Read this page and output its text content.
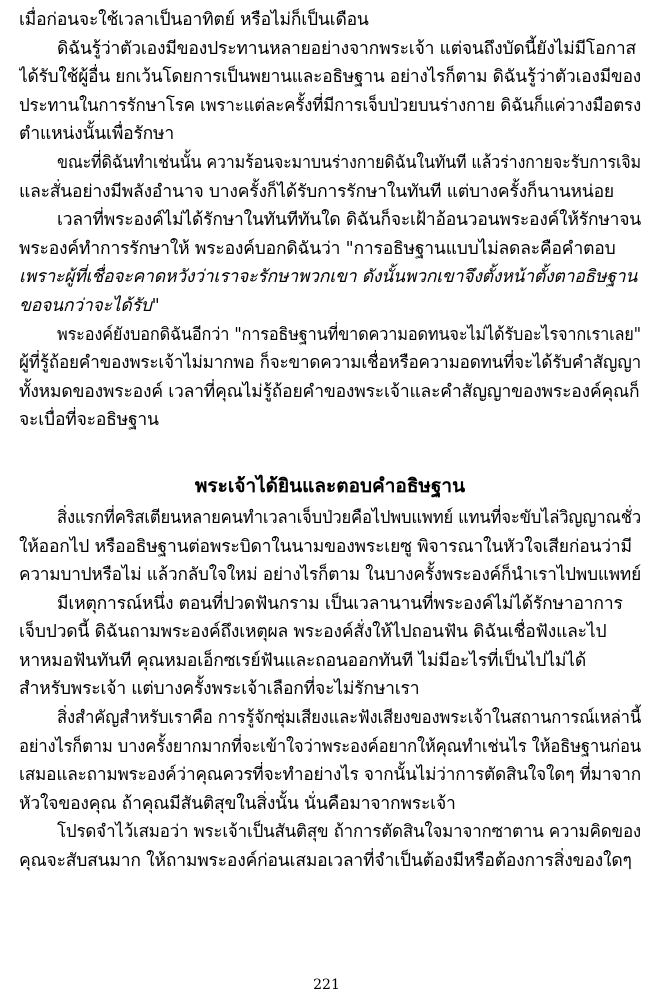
เมื่อก่อนจะใช้เวลาเป็นอาทิตย์ หรือไม่ก็เป็นเดือน
ดิฉันรู้ว่าตัวเองมีของประทานหลายอย่างจากพระเจ้า แต่จนถึงบัดนี้ยังไม่มีโอกาส
ได้รับใช้ผู้อื่น ยกเว้นโดยการเป็นพยานและอธิษฐาน อย่างไรก็ตาม ดิฉันรู้ว่าตัวเองมีของ
ประทานในการรักษาโรค เพราะแต่ละครั้งที่มีการเจ็บป่วยบนร่างกาย ดิฉันก็แค่วางมือตรง
ตำแหน่งนั้นเพื่อรักษา
ขณะที่ดิฉันทำเช่นนั้น ความร้อนจะมาบนร่างกายดิฉันในทันที แล้วร่างกายจะรับการเจิม
และสั่นอย่างมีพลังอำนาจ บางครั้งก็ได้รับการรักษาในทันที แต่บางครั้งก็นานหน่อย
เวลาที่พระองค์ไม่ได้รักษาในทันทีทันใด ดิฉันก็จะเฝ้าอ้อนวอนพระองค์ให้รักษาจน
พระองค์ทำการรักษาให้ พระองค์บอกดิฉันว่า "การอธิษฐานแบบไม่ลดละคือคำตอบ
เพราะผู้ที่เชื่อจะคาดหวังว่าเราจะรักษาพวกเขา ดังนั้นพวกเขาจึงตั้งหน้าตั้งตาอธิษฐาน
ขอจนกว่าจะได้รับ"
พระองค์ยังบอกดิฉันอีกว่า "การอธิษฐานที่ขาดความอดทนจะไม่ได้รับอะไรจากเราเลย"
ผู้ที่รู้ถ้อยคำของพระเจ้าไม่มากพอ ก็จะขาดความเชื่อหรือความอดทนที่จะได้รับคำสัญญา
ทั้งหมดของพระองค์ เวลาที่คุณไม่รู้ถ้อยคำของพระเจ้าและคำสัญญาของพระองค์คุณก็
จะเบื่อที่จะอธิษฐาน
พระเจ้าได้ยินและตอบคำอธิษฐาน
สิ่งแรกที่คริสเตียนหลายคนทำเวลาเจ็บป่วยคือไปพบแพทย์ แทนที่จะขับไล่วิญญาณชั่ว
ให้ออกไป หรืออธิษฐานต่อพระบิดาในนามของพระเยซู พิจารณาในหัวใจเสียก่อนว่ามี
ความบาปหรือไม่ แล้วกลับใจใหม่ อย่างไรก็ตาม ในบางครั้งพระองค์ก็นำเราไปพบแพทย์
มีเหตุการณ์หนึ่ง ตอนที่ปวดฟันกราม เป็นเวลานานที่พระองค์ไม่ได้รักษาอาการ
เจ็บปวดนี้ ดิฉันถามพระองค์ถึงเหตุผล พระองค์สั่งให้ไปถอนฟัน ดิฉันเชื่อฟังและไป
หาหมอฟันทันที คุณหมอเอ็กซเรย์ฟันและถอนออกทันที ไม่มีอะไรที่เป็นไปไม่ได้
สำหรับพระเจ้า แต่บางครั้งพระเจ้าเลือกที่จะไม่รักษาเรา
สิ่งสำคัญสำหรับเราคือ การรู้จักซุ่มเสียงและฟังเสียงของพระเจ้าในสถานการณ์เหล่านี้
อย่างไรก็ตาม บางครั้งยากมากที่จะเข้าใจว่าพระองค์อยากให้คุณทำเช่นไร ให้อธิษฐานก่อน
เสมอและถามพระองค์ว่าคุณควรที่จะทำอย่างไร จากนั้นไม่ว่าการตัดสินใจใดๆ ที่มาจาก
หัวใจของคุณ ถ้าคุณมีสันติสุขในสิ่งนั้น นั่นคือมาจากพระเจ้า
โปรดจำไว้เสมอว่า พระเจ้าเป็นสันติสุข ถ้าการตัดสินใจมาจากซาตาน ความคิดของ
คุณจะสับสนมาก ให้ถามพระองค์ก่อนเสมอเวลาที่จำเป็นต้องมีหรือต้องการสิ่งของใดๆ
221
